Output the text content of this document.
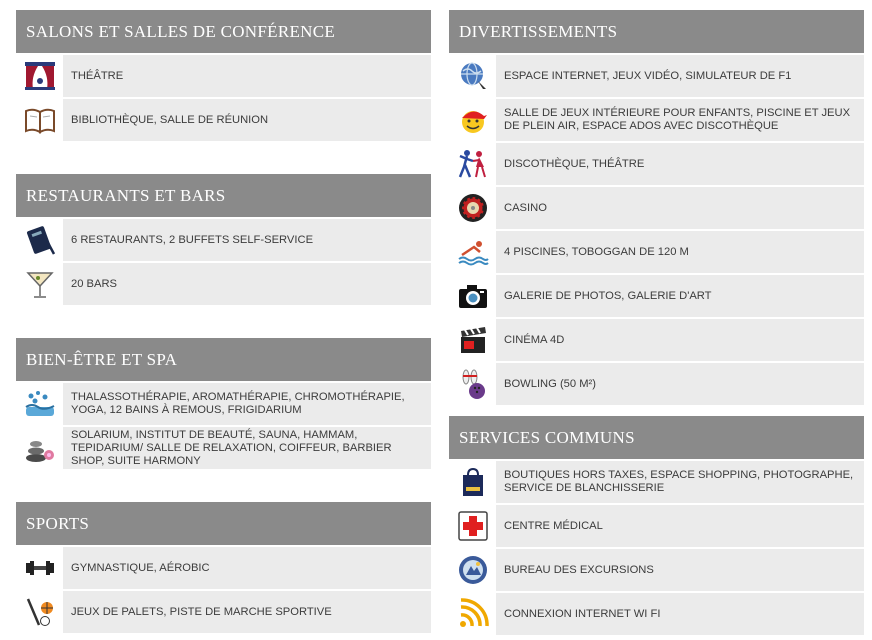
SALONS ET SALLES DE CONFÉRENCE
THÉÂTRE
BIBLIOTHÈQUE, SALLE DE RÉUNION
RESTAURANTS ET BARS
6 RESTAURANTS, 2 BUFFETS SELF-SERVICE
20 BARS
BIEN-ÊTRE ET SPA
THALASSOTHÉRAPIE, AROMATHÉRAPIE, CHROMOTHÉRAPIE, YOGA, 12 BAINS À REMOUS, FRIGIDARIUM
SOLARIUM, INSTITUT DE BEAUTÉ, SAUNA, HAMMAM, TEPIDARIUM/ SALLE DE RELAXATION, COIFFEUR, BARBIER SHOP, SUITE HARMONY
SPORTS
GYMNASTIQUE, AÉROBIC
JEUX DE PALETS, PISTE DE MARCHE SPORTIVE
DIVERTISSEMENTS
ESPACE INTERNET, JEUX VIDÉO, SIMULATEUR DE F1
SALLE DE JEUX INTÉRIEURE POUR ENFANTS, PISCINE ET JEUX DE PLEIN AIR, ESPACE ADOS AVEC DISCOTHÈQUE
DISCOTHÈQUE, THÉÂTRE
CASINO
4 PISCINES, TOBOGGAN DE 120 M
GALERIE DE PHOTOS, GALERIE D'ART
CINÉMA 4D
BOWLING (50 M²)
SERVICES COMMUNS
BOUTIQUES HORS TAXES, ESPACE SHOPPING, PHOTOGRAPHE, SERVICE DE BLANCHISSERIE
CENTRE MÉDICAL
BUREAU DES EXCURSIONS
CONNEXION INTERNET WI FI
